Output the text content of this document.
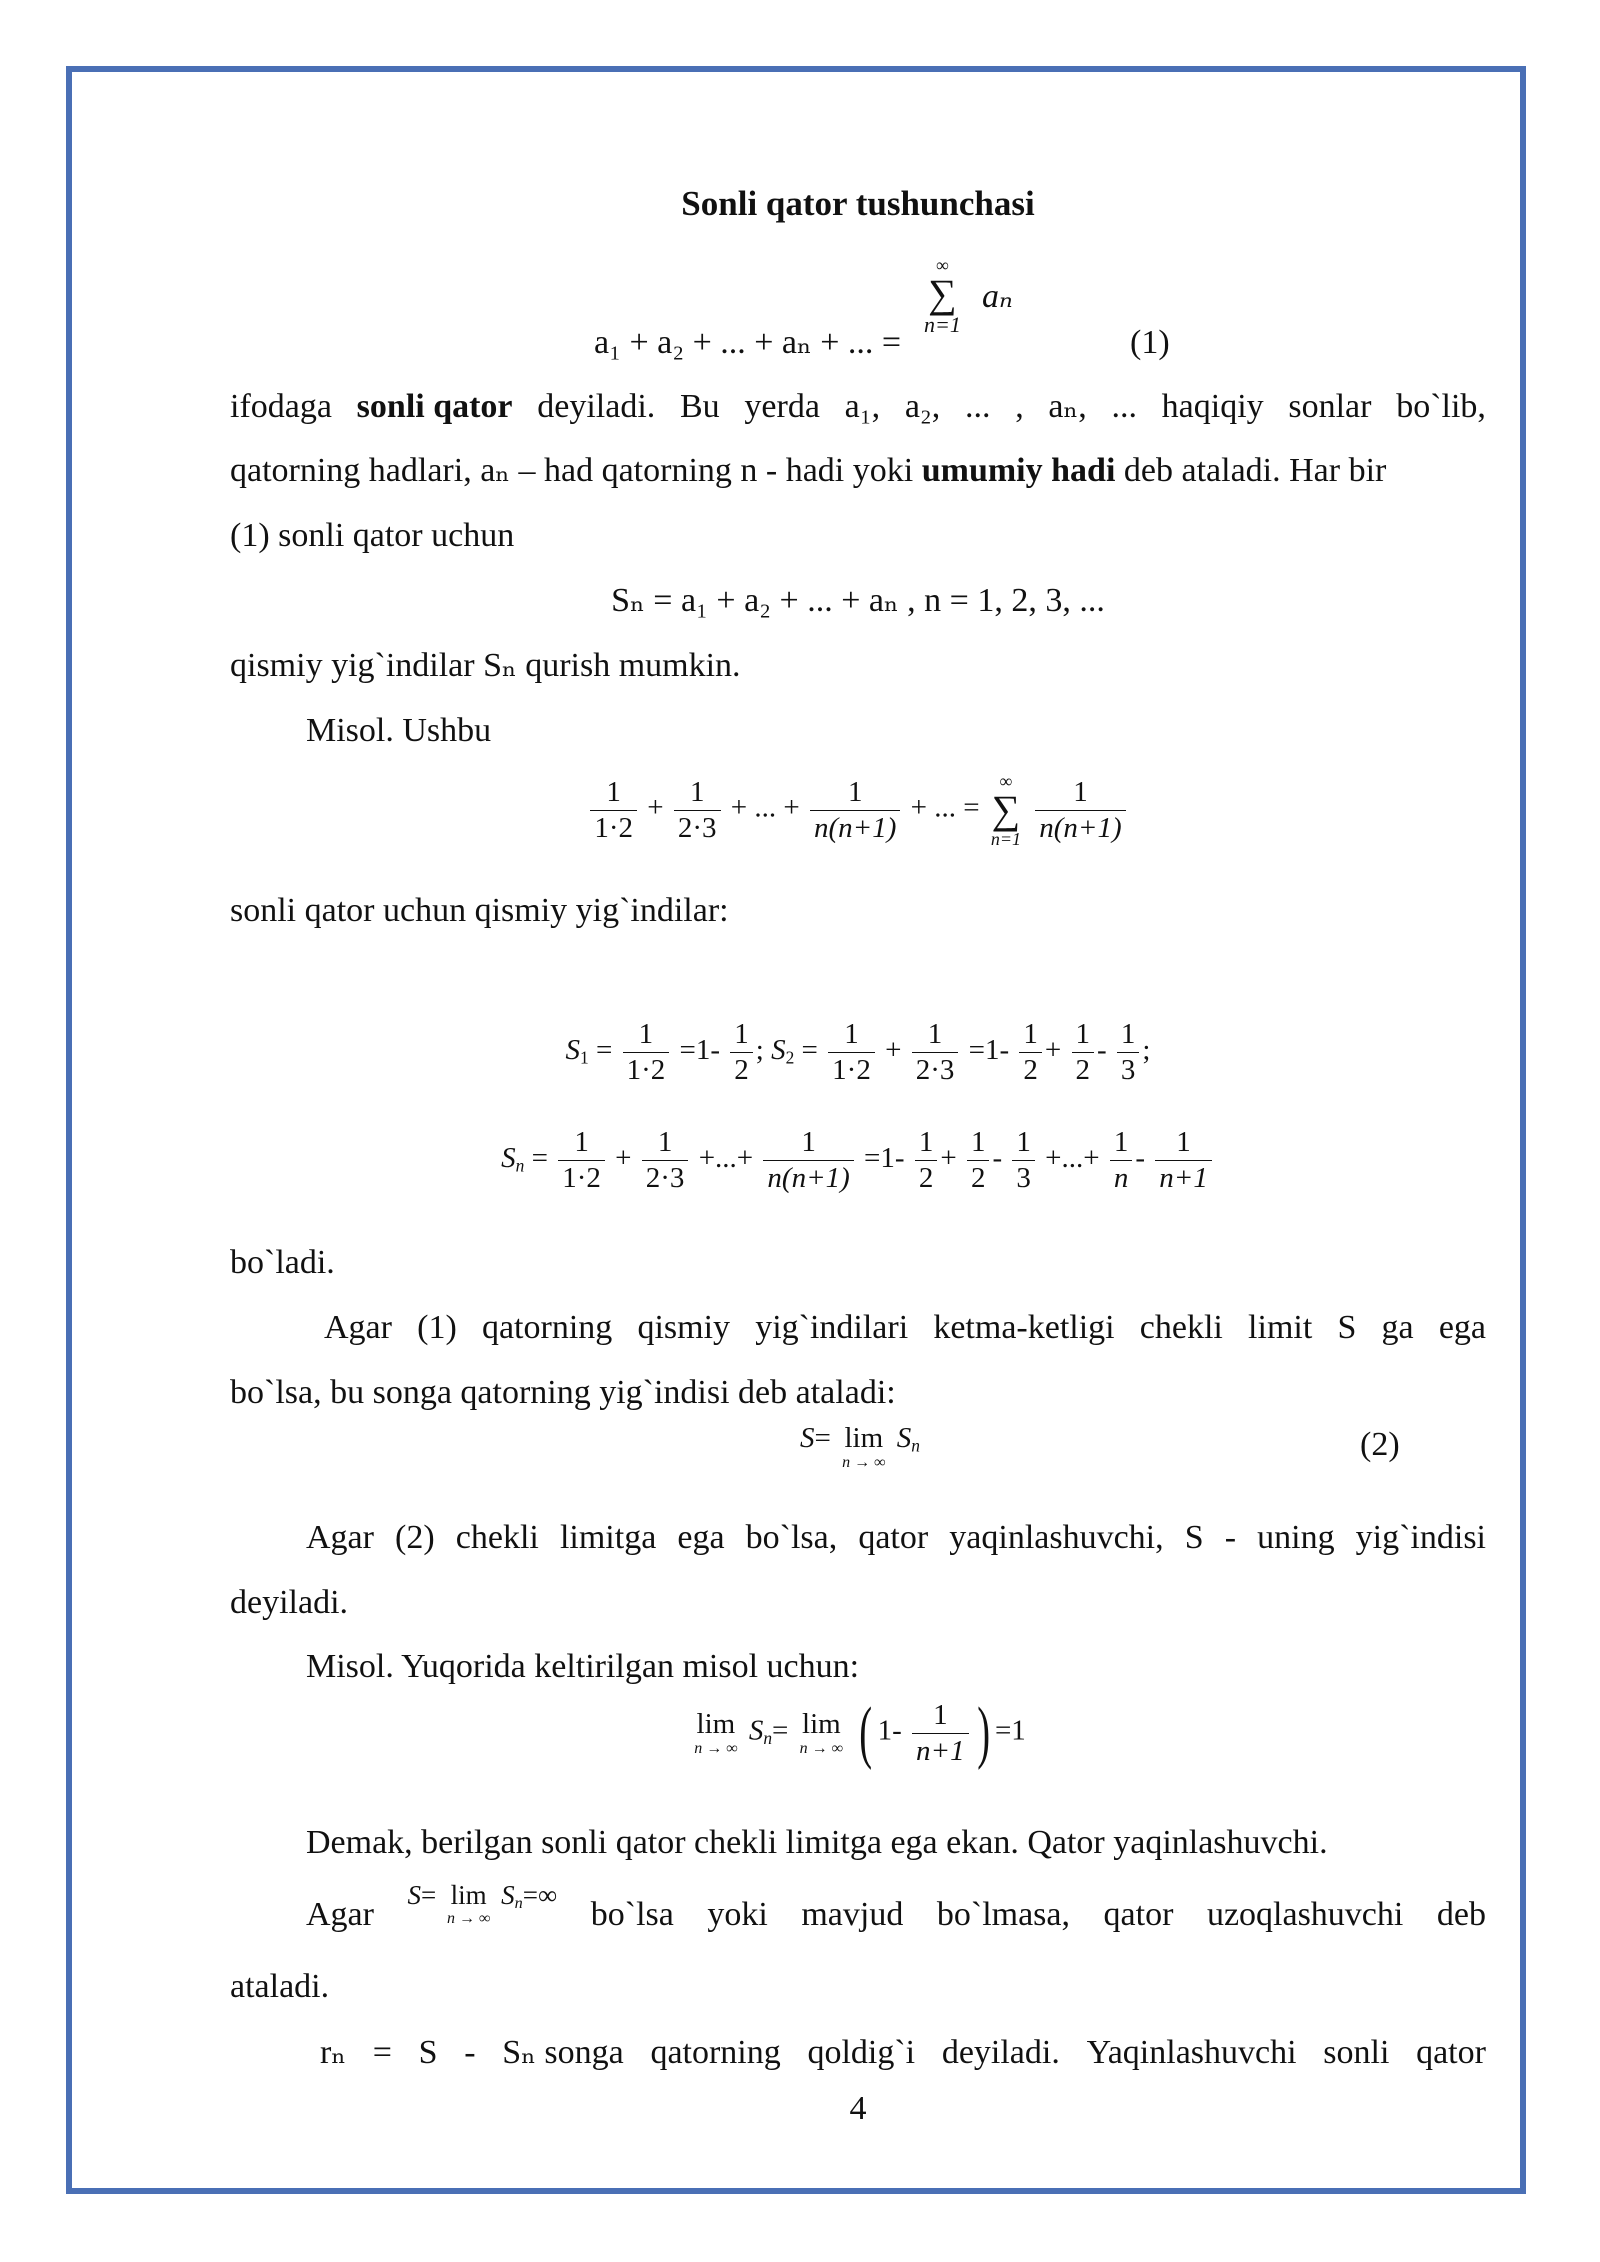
Sonli qator tushunchasi
a₁ + a₂ + ... + aₙ + ... =
∞
∑
n=1
aₙ
(1)
ifodaga sonli qator deyiladi. Bu yerda a₁, a₂, ... , aₙ, ... haqiqiy sonlar bo`lib,
qatorning hadlari, aₙ – had qatorning n - hadi yoki umumiy hadi deb ataladi. Har bir
(1) sonli qator uchun
Sₙ = a₁ + a₂ + ... + aₙ , n = 1, 2, 3, ...
qismiy yig`indilar Sₙ qurish mumkin.
Misol. Ushbu
$\frac{1}{1\cdot 2} + \frac{1}{2\cdot 3}$ + ... + $\frac{1}{n(n+1)}$ + ... =
∞
∑
n=1
$\frac{1}{n(n+1)}$
sonli qator uchun qismiy yig`indilar:
$S_1 = \frac{1}{1\cdot 2} =1- \frac{1}{2}$ ; $S_2 = \frac{1}{1\cdot 2} + \frac{1}{2\cdot 3} =1- \frac{1}{2} + \frac{1}{2} - \frac{1}{3}$ ;
$S_n = \frac{1}{1\cdot 2} + \frac{1}{2\cdot 3}$ +...+ $\frac{1}{n(n+1)} =1- \frac{1}{2} + \frac{1}{2} - \frac{1}{3}$ +...+ $\frac{1}{n} - \frac{1}{n+1}$
bo`ladi.
Agar (1) qatorning qismiy yig`indilari ketma-ketligi chekli limit S ga ega
bo`lsa, bu songa qatorning yig`indisi deb ataladi:
S= lim
n → ∞
$S_n$	(2)
Agar (2) chekli limitga ega bo`lsa, qator yaqinlashuvchi, S - uning yig`indisi
deyiladi.
Misol. Yuqorida keltirilgan misol uchun:
lim
n → ∞
$S_n= \lim$
n → ∞ ( $1- \frac{1}{n+1}$ ) =1
Demak, berilgan sonli qator chekli limitga ega ekan. Qator yaqinlashuvchi.
Agar
S= lim
n → ∞
$S_n=\infty$
bo`lsa yoki mavjud bo`lmasa, qator uzoqlashuvchi deb
ataladi.
rₙ = S - Sₙ songa qatorning qoldig`i deyiladi. Yaqinlashuvchi sonli qator
4
